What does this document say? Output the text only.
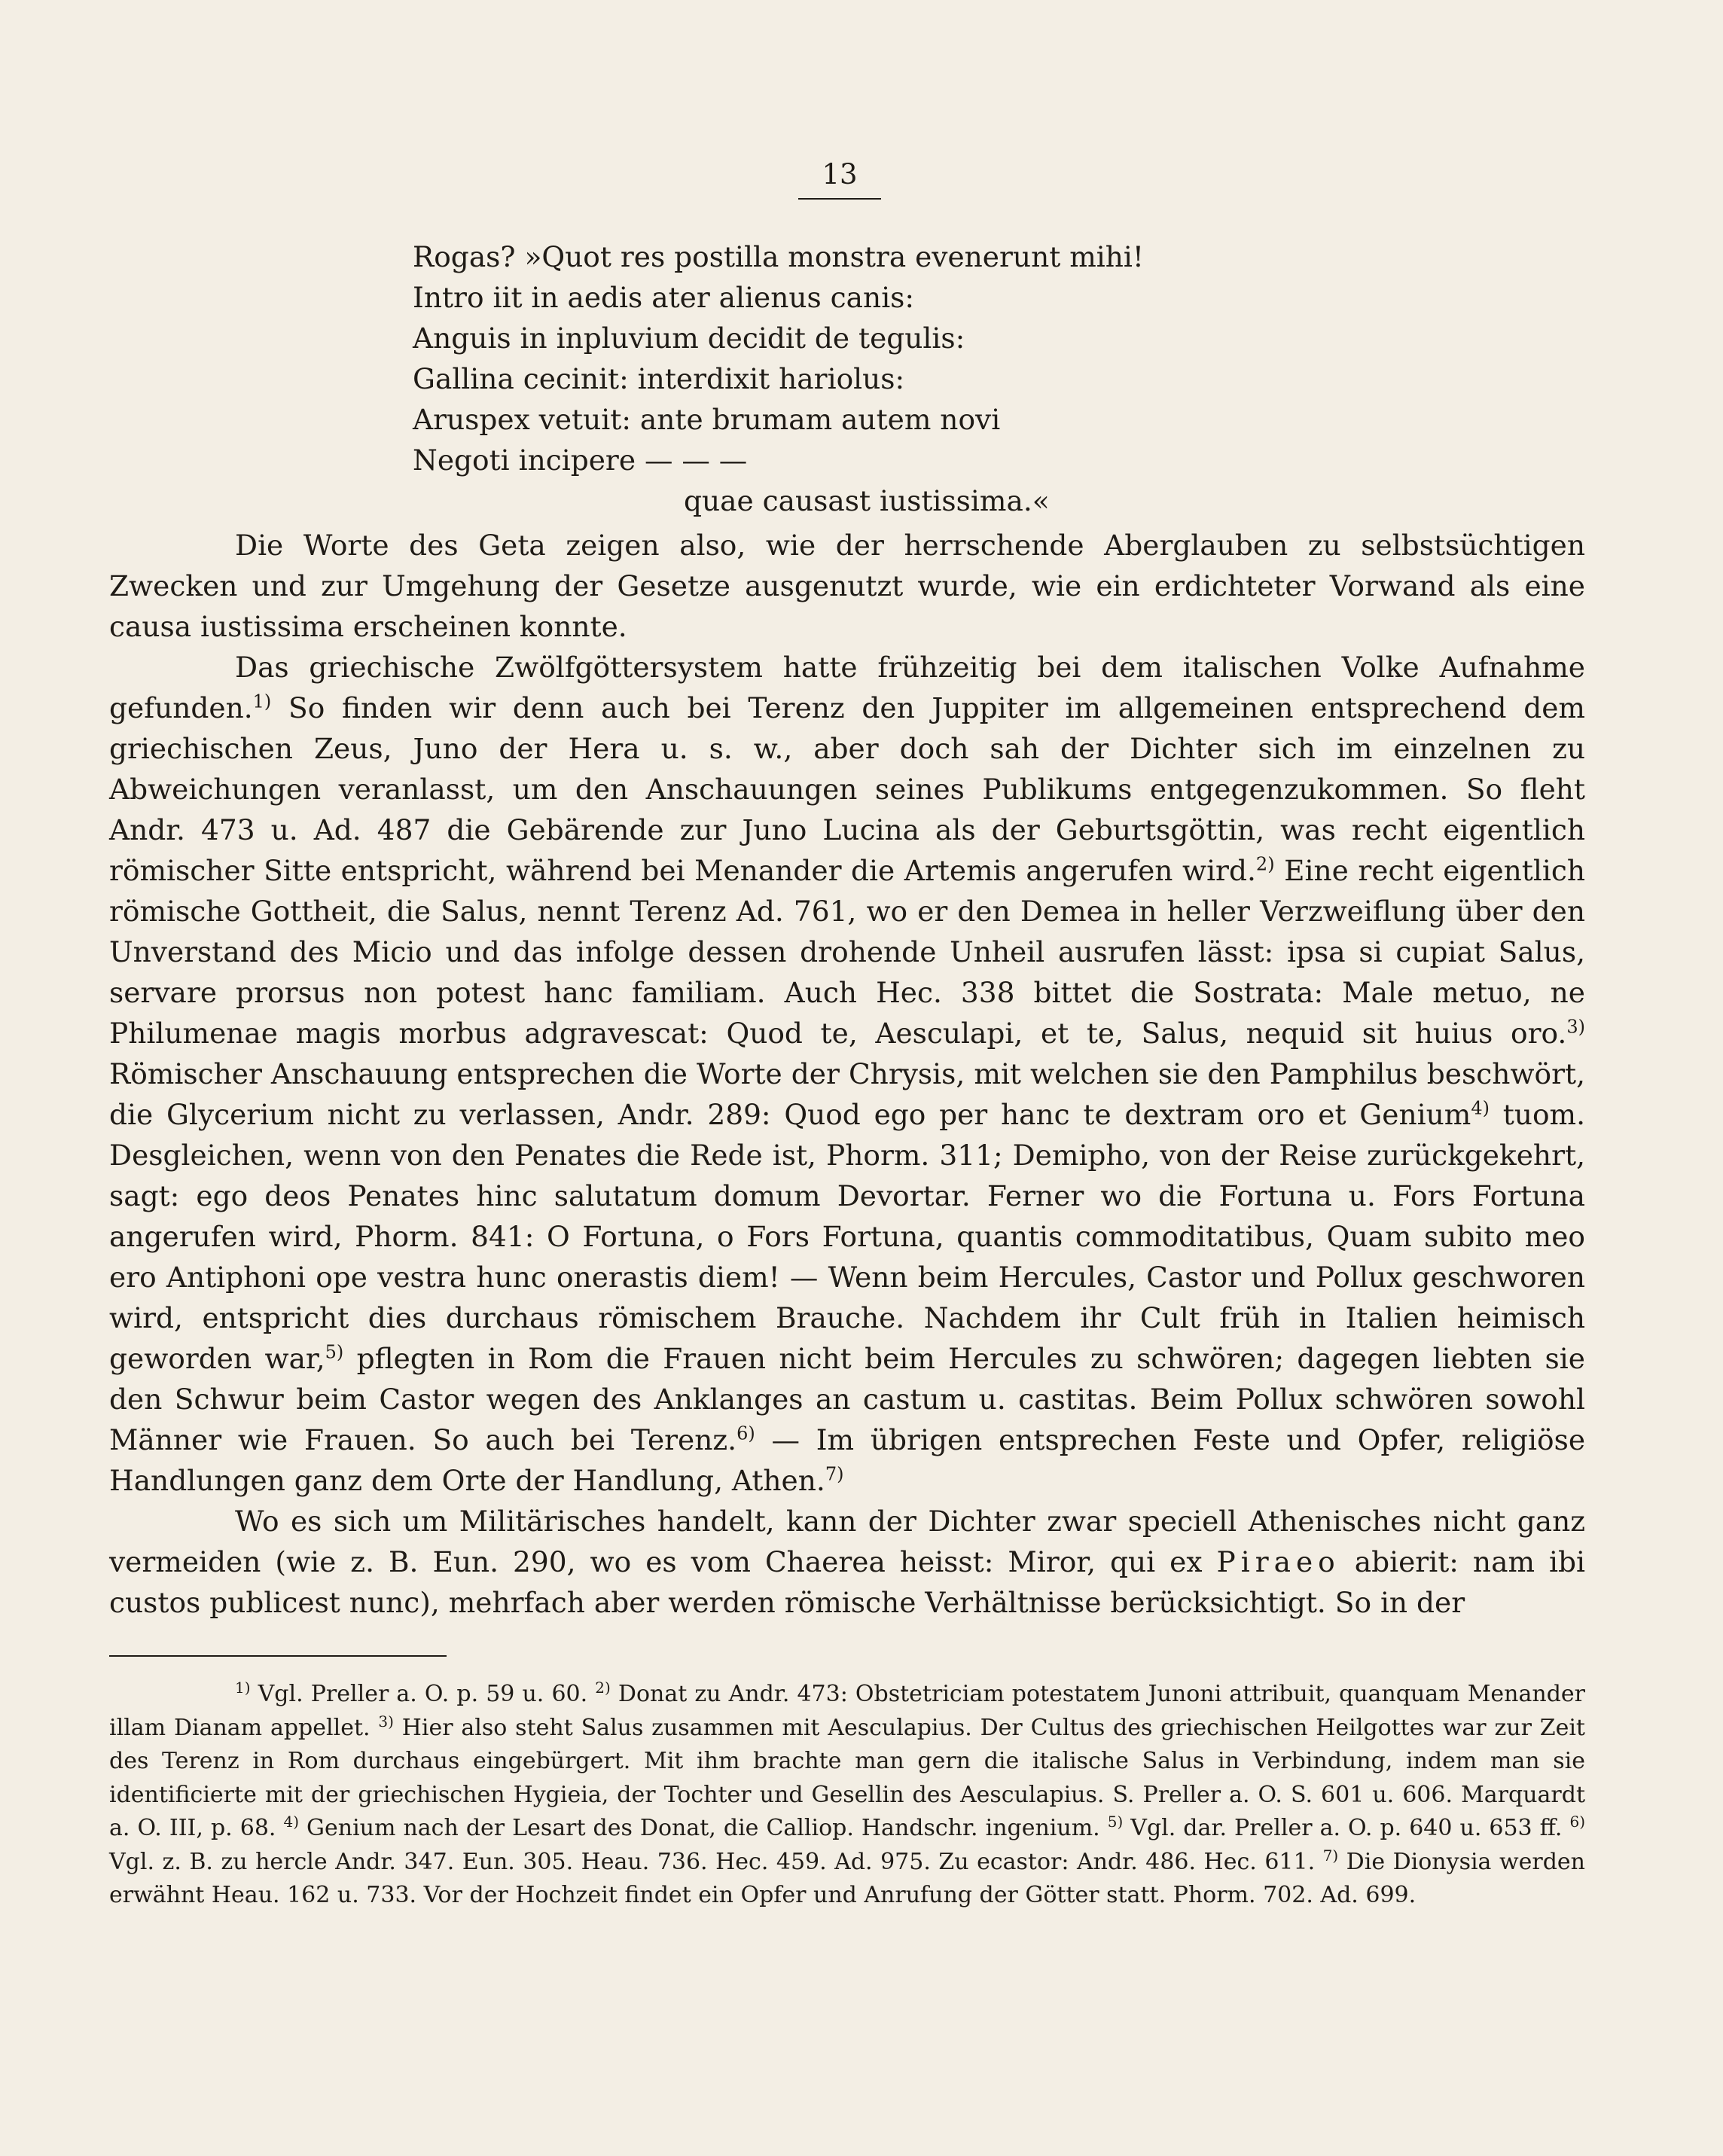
13
Rogas? »Quot res postilla monstra evenerunt mihi!
Intro iit in aedis ater alienus canis:
Anguis in inpluvium decidit de tegulis:
Gallina cecinit: interdixit hariolus:
Aruspex vetuit: ante brumam autem novi
Negoti incipere — — —
quae causast iustissima.«

Die Worte des Geta zeigen also, wie der herrschende Aberglauben zu selbstsüchtigen Zwecken und zur Umgehung der Gesetze ausgenutzt wurde, wie ein erdichteter Vorwand als eine causa iustissima erscheinen konnte.

Das griechische Zwölfgöttersystem hatte frühzeitig bei dem italischen Volke Aufnahme gefunden.$^{1)}$ So finden wir denn auch bei Terenz den Juppiter im allgemeinen entsprechend dem griechischen Zeus, Juno der Hera u. s. w., aber doch sah der Dichter sich im einzelnen zu Abweichungen veranlasst, um den Anschauungen seines Publikums entgegenzukommen. So fleht Andr. 473 u. Ad. 487 die Gebärende zur Juno Lucina als der Geburtsgöttin, was recht eigentlich römischer Sitte entspricht, während bei Menander die Artemis angerufen wird.$^{2)}$ Eine recht eigentlich römische Gottheit, die Salus, nennt Terenz Ad. 761, wo er den Demea in heller Verzweiflung über den Unverstand des Micio und das infolge dessen drohende Unheil ausrufen lässt: ipsa si cupiat Salus, servare prorsus non potest hanc familiam. Auch Hec. 338 bittet die Sostrata: Male metuo, ne Philumenae magis morbus adgravescat: Quod te, Aesculapi, et te, Salus, nequid sit huius oro.$^{3)}$ Römischer Anschauung entsprechen die Worte der Chrysis, mit welchen sie den Pamphilus beschwört, die Glycerium nicht zu verlassen, Andr. 289: Quod ego per hanc te dextram oro et Genium$^{4)}$ tuom. Desgleichen, wenn von den Penates die Rede ist, Phorm. 311; Demipho, von der Reise zurückgekehrt, sagt: ego deos Penates hinc salutatum domum Devortar. Ferner wo die Fortuna u. Fors Fortuna angerufen wird, Phorm. 841: O Fortuna, o Fors Fortuna, quantis commoditatibus, Quam subito meo ero Antiphoni ope vestra hunc onerastis diem! — Wenn beim Hercules, Castor und Pollux geschworen wird, entspricht dies durchaus römischem Brauche. Nachdem ihr Cult früh in Italien heimisch geworden war,$^{5)}$ pflegten in Rom die Frauen nicht beim Hercules zu schwören; dagegen liebten sie den Schwur beim Castor wegen des Anklanges an castum u. castitas. Beim Pollux schwören sowohl Männer wie Frauen. So auch bei Terenz.$^{6)}$ — Im übrigen entsprechen Feste und Opfer, religiöse Handlungen ganz dem Orte der Handlung, Athen.$^{7)}$

Wo es sich um Militärisches handelt, kann der Dichter zwar speciell Athenisches nicht ganz vermeiden (wie z. B. Eun. 290, wo es vom Chaerea heisst: Miror, qui ex Piraeo abierit: nam ibi custos publicest nunc), mehrfach aber werden römische Verhältnisse berücksichtigt. So in der

$^{1)}$ Vgl. Preller a. O. p. 59 u. 60. $^{2)}$ Donat zu Andr. 473: Obstetriciam potestatem Junoni attribuit, quanquam Menander illam Dianam appellet. $^{3)}$ Hier also steht Salus zusammen mit Aesculapius. Der Cultus des griechischen Heilgottes war zur Zeit des Terenz in Rom durchaus eingebürgert. Mit ihm brachte man gern die italische Salus in Verbindung, indem man sie identificierte mit der griechischen Hygieia, der Tochter und Gesellin des Aesculapius. S. Preller a. O. S. 601 u. 606. Marquardt a. O. III, p. 68. $^{4)}$ Genium nach der Lesart des Donat, die Calliop. Handschr. ingenium. $^{5)}$ Vgl. dar. Preller a. O. p. 640 u. 653 ff. $^{6)}$ Vgl. z. B. zu hercle Andr. 347. Eun. 305. Heau. 736. Hec. 459. Ad. 975. Zu ecastor: Andr. 486. Hec. 611. $^{7)}$ Die Dionysia werden erwähnt Heau. 162 u. 733. Vor der Hochzeit findet ein Opfer und Anrufung der Götter statt. Phorm. 702. Ad. 699.
